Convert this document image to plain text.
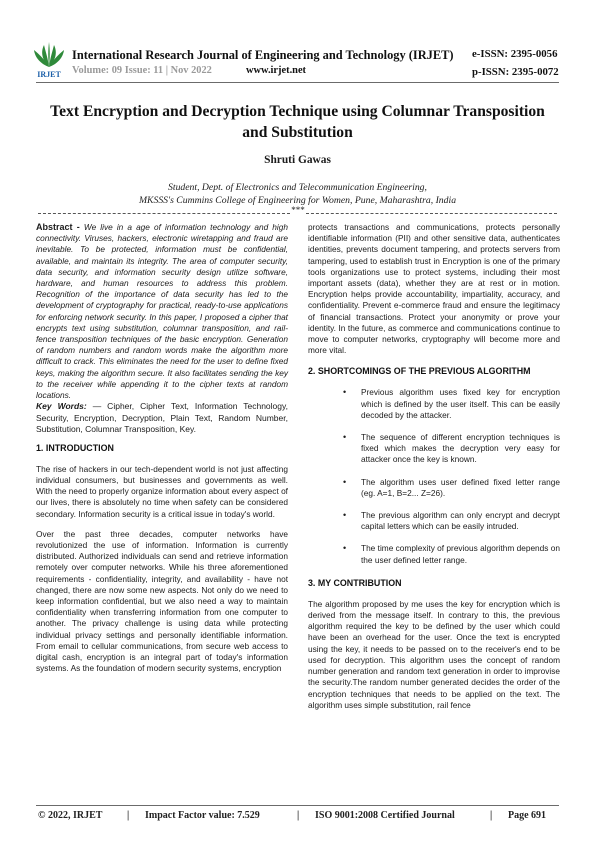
IRJET
International Research Journal of Engineering and Technology (IRJET)
Volume: 09 Issue: 11 | Nov 2022	www.irjet.net
e-ISSN: 2395-0056
p-ISSN: 2395-0072
Text Encryption and Decryption Technique using Columnar Transposition and Substitution
Shruti Gawas
Student, Dept. of Electronics and Telecommunication Engineering,
MKSSS's Cummins College of Engineering for Women, Pune, Maharashtra, India
***

Abstract - We live in a age of information technology and high connectivity. Viruses, hackers, electronic wiretapping and fraud are inevitable. To be protected, information must be confidential, available, and maintain its integrity. The area of computer security, data security, and information security design utilize software, hardware, and human resources to address this problem. Recognition of the importance of data security has led to the development of cryptography for practical, ready-to-use applications for enforcing network security. In this paper, I proposed a cipher that encrypts text using substitution, columnar transposition, and rail-fence transposition techniques of the basic encryption. Generation of random numbers and random words make the algorithm more difficult to crack. This eliminates the need for the user to define fixed keys, making the algorithm secure. It also facilitates sending the key to the receiver while appending it to the cipher texts at random locations.

Key Words: — Cipher, Cipher Text, Information Technology, Security, Encryption, Decryption, Plain Text, Random Number, Substitution, Columnar Transposition, Key.

1. INTRODUCTION

The rise of hackers in our tech-dependent world is not just affecting individual consumers, but businesses and governments as well. With the need to properly organize information about every aspect of our lives, there is absolutely no time when safety can be considered secondary. Information security is a critical issue in today's world.

Over the past three decades, computer networks have revolutionized the use of information. Information is currently distributed. Authorized individuals can send and retrieve information remotely over computer networks. While his three aforementioned requirements - confidentiality, integrity, and availability - have not changed, there are now some new aspects. Not only do we need to keep information confidential, but we also need a way to maintain confidentiality when transferring information from one computer to another. The privacy challenge is using data while protecting individual privacy settings and personally identifiable information. From email to cellular communications, from secure web access to digital cash, encryption is an integral part of today's information systems. As the foundation of modern security systems, encryption

protects transactions and communications, protects personally identifiable information (PII) and other sensitive data, authenticates identities, prevents document tampering, and protects servers from tampering, used to establish trust in Encryption is one of the primary tools organizations use to protect systems, including their most important assets (data), whether they are at rest or in motion. Encryption helps provide accountability, impartiality, accuracy, and confidentiality. Prevent e-commerce fraud and ensure the legitimacy of financial transactions. Protect your anonymity or prove your identity. In the future, as commerce and communications continue to move to computer networks, cryptography will become more and more vital.

2. SHORTCOMINGS OF THE PREVIOUS ALGORITHM
• Previous algorithm uses fixed key for encryption which is defined by the user itself. This can be easily decoded by the attacker.
• The sequence of different encryption techniques is fixed which makes the decryption very easy for attacker once the key is known.
• The algorithm uses user defined fixed letter range (eg. A=1, B=2... Z=26).
• The previous algorithm can only encrypt and decrypt capital letters which can be easily intruded.
• The time complexity of previous algorithm depends on the user defined letter range.
3. MY CONTRIBUTION

The algorithm proposed by me uses the key for encryption which is derived from the message itself. In contrary to this, the previous algorithm required the key to be defined by the user which could have been an overhead for the user. Once the text is encrypted using the key, it needs to be passed on to the receiver's end to be used for decryption. This algorithm uses the concept of random number generation and random text generation in order to improvise the security.The random number generated decides the order of the encryption techniques that needs to be applied on the text. The algorithm uses simple substitution, rail fence

© 2022, IRJET | Impact Factor value: 7.529	| ISO 9001:2008 Certified Journal	| Page 691
